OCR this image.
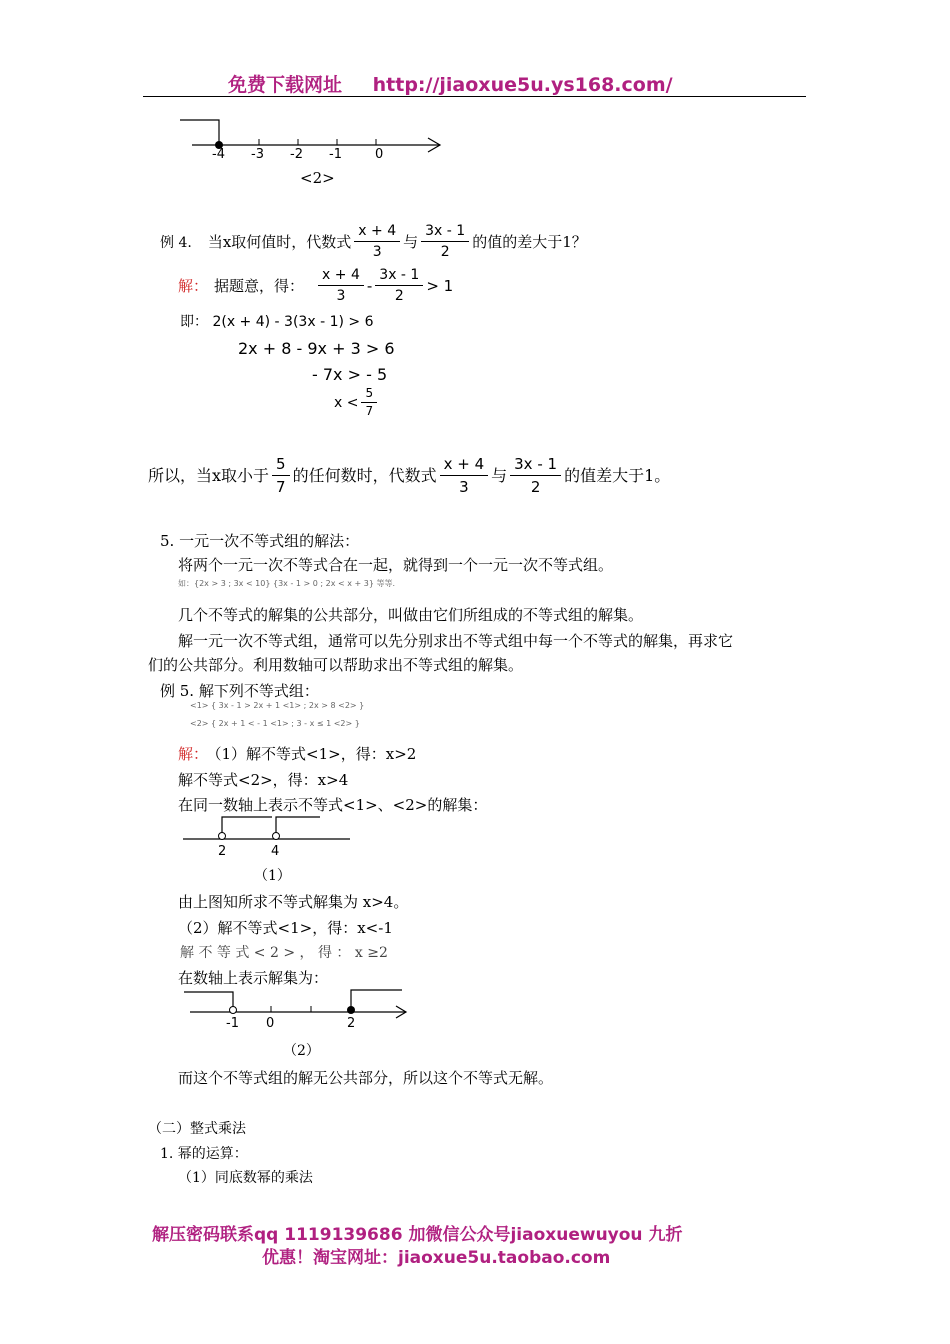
免费下载网址 http://jiaoxue5u.ys168.com/
-4 -3 -2 -1	0
<2>
例 4. 当x取何值时，代数式 $\frac{x + 4}{3}$ 与 $\frac{3x - 1}{2}$ 的值的差大于1？
解： 据题意，得： $\frac{x + 4}{3} - \frac{3x - 1}{2} > 1$
即： 2(x + 4) - 3(3x - 1) > 6
2x + 8 - 9x + 3 > 6
- 7x > - 5
$x < \frac{5}{7}$
所以，当x取小于 $\frac{5}{7}$ 的任何数时，代数式 $\frac{x + 4}{3}$ 与 $\frac{3x - 1}{2}$ 的值差大于1。
5. 一元一次不等式组的解法：
将两个一元一次不等式合在一起，就得到一个一元一次不等式组。
如：{2x > 3 ; 3x < 10} {3x - 1 > 0 ; 2x < x + 3} 等等.
几个不等式的解集的公共部分，叫做由它们所组成的不等式组的解集。
解一元一次不等式组，通常可以先分别求出不等式组中每一个不等式的解集，再求它
们的公共部分。利用数轴可以帮助求出不等式组的解集。
例 5. 解下列不等式组：
<1> { 3x - 1 > 2x + 1 <1> ; 2x > 8 <2> }
<2> { 2x + 1 < - 1 <1> ; 3 - x ≤ 1 <2> }
解： （1）解不等式<1>，得：x>2
解不等式<2>，得：x>4
在同一数轴上表示不等式<1>、<2>的解集：
2	4
（1）
由上图知所求不等式解集为 x>4。
（2）解不等式<1>，得：x<-1
解 不 等 式 < 2 > ， 得 ： x ≥2
在数轴上表示解集为：
-1 0	2
（2）
而这个不等式组的解无公共部分，所以这个不等式无解。
（二）整式乘法
1. 幂的运算：
（1）同底数幂的乘法
解压密码联系qq 1119139686 加微信公众号jiaoxuewuyou 九折
优惠！淘宝网址：jiaoxue5u.taobao.com
